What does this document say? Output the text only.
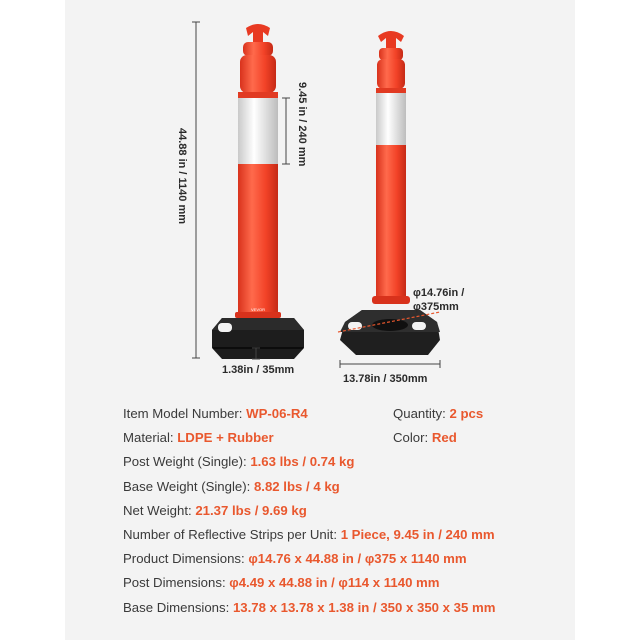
VEVOR
44.88 in / 1140 mm
9.45 in / 240 mm
φ14.76in /
φ375mm
1.38in / 35mm
13.78in / 350mm
Item Model Number: WP-06-R4	Quantity: 2 pcs
Material: LDPE + Rubber	Color: Red
Post Weight (Single): 1.63 lbs / 0.74 kg
Base Weight (Single): 8.82 lbs / 4 kg
Net Weight: 21.37 lbs / 9.69 kg
Number of Reflective Strips per Unit: 1 Piece, 9.45 in / 240 mm
Product Dimensions: φ14.76 x 44.88 in / φ375 x 1140 mm
Post Dimensions: φ4.49 x 44.88 in / φ114 x 1140 mm
Base Dimensions: 13.78 x 13.78 x 1.38 in / 350 x 350 x 35 mm
